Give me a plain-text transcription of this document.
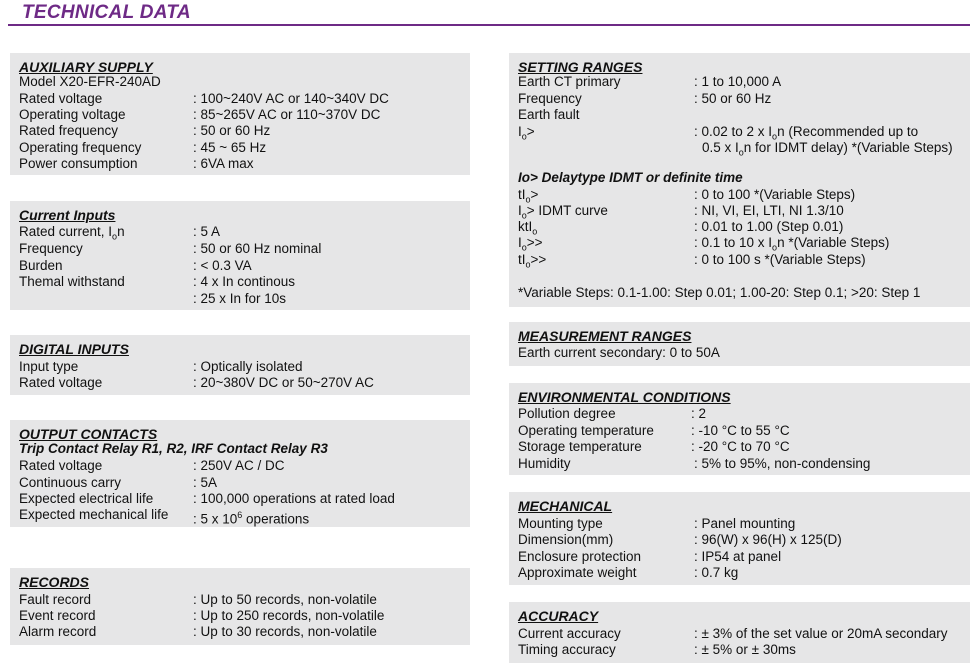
TECHNICAL DATA
AUXILIARY SUPPLY
Model X20-EFR-240AD
Rated voltage	: 100~240V AC or 140~340V DC
Operating voltage	: 85~265V AC or 110~370V DC
Rated frequency	: 50 or 60 Hz
Operating frequency	: 45 ~ 65 Hz
Power consumption	: 6VA max
Current Inputs
Rated current, $I_on$	: 5 A
Frequency	: 50 or 60 Hz nominal
Burden	: < 0.3 VA
Themal withstand	: 4 x In continous
: 25 x In for 10s
DIGITAL INPUTS
Input type	: Optically isolated
Rated voltage	: 20~380V DC or 50~270V AC
OUTPUT CONTACTS
Trip Contact Relay R1, R2, IRF Contact Relay R3
Rated voltage	: 250V AC / DC
Continuous carry	: 5A
Expected electrical life	: 100,000 operations at rated load
Expected mechanical life : 5 x $10^6$ operations
RECORDS
Fault record	: Up to 50 records, non-volatile
Event record	: Up to 250 records, non-volatile
Alarm record	: Up to 30 records, non-volatile
SETTING RANGES
Earth CT primary	: 1 to 10,000 A
Frequency	: 50 or 60 Hz
Earth fault
$I_o>$	: 0.02 to 2 x $I_on$ (Recommended up to
0.5 x $I_on$ for IDMT delay) *(Variable Steps)
Io> Delaytype IDMT or definite time
$tI_o>$	: 0 to 100 *(Variable Steps)
$I_o>$ IDMT curve	: NI, VI, EI, LTI, NI 1.3/10
ktI$_o$	: 0.01 to 1.00 (Step 0.01)
$I_o>>$	: 0.1 to 10 x $I_on$ *(Variable Steps)
$tI_o>>$	: 0 to 100 s *(Variable Steps)
*Variable Steps: 0.1-1.00: Step 0.01; 1.00-20: Step 0.1; >20: Step 1
MEASUREMENT RANGES
Earth current secondary: 0 to 50A
ENVIRONMENTAL CONDITIONS
Pollution degree	: 2
Operating temperature	: -10 °C to 55 °C
Storage temperature	: -20 °C to 70 °C
Humidity	: 5% to 95%, non-condensing
MECHANICAL
Mounting type	: Panel mounting
Dimension(mm)	: 96(W) x 96(H) x 125(D)
Enclosure protection	: IP54 at panel
Approximate weight	: 0.7 kg
ACCURACY
Current accuracy	: ± 3% of the set value or 20mA secondary
Timing accuracy	: ± 5% or ± 30ms
